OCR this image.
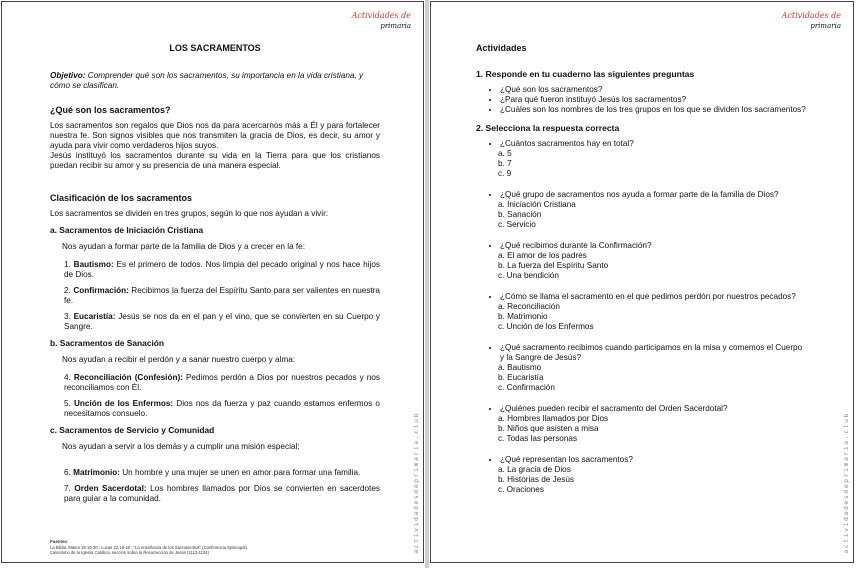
Actividades de
primaria
actividadesdeprimaria.club
LOS SACRAMENTOS

Objetivo: Comprender qué son los sacramentos, su importancia en la vida cristiana, y cómo se clasifican.

¿Qué son los sacramentos?

Los sacramentos son regalos que Dios nos da para acercarnos más a Él y para fortalecer nuestra fe. Son signos visibles que nos transmiten la gracia de Dios, es decir, su amor y ayuda para vivir como verdaderos hijos suyos.

Jesús instituyó los sacramentos durante su vida en la Tierra para que los cristianos puedan recibir su amor y su presencia de una manera especial.

Clasificación de los sacramentos

Los sacramentos se dividen en tres grupos, según lo que nos ayudan a vivir:

a. Sacramentos de Iniciación Cristiana

Nos ayudan a formar parte de la familia de Dios y a crecer en la fe:

1. Bautismo: Es el primero de todos. Nos limpia del pecado original y nos hace hijos de Dios.
2. Confirmación: Recibimos la fuerza del Espíritu Santo para ser valientes en nuestra fe.
3. Eucaristía: Jesús se nos da en el pan y el vino, que se convierten en su Cuerpo y Sangre.
b. Sacramentos de Sanación

Nos ayudan a recibir el perdón y a sanar nuestro cuerpo y alma:

4. Reconciliación (Confesión): Pedimos perdón a Dios por nuestros pecados y nos reconciliamos con Él.
5. Unción de los Enfermos: Dios nos da fuerza y paz cuando estamos enfermos o necesitamos consuelo.
c. Sacramentos de Servicio y Comunidad

Nos ayudan a servir a los demás y a cumplir una misión especial:

6. Matrimonio: Un hombre y una mujer se unen en amor para formar una familia.
7. Orden Sacerdotal: Los hombres llamados por Dios se convierten en sacerdotes para guiar a la comunidad.
Fuentes:
La Biblia: Mateo 28:19-20 ; Lucas 22:19-20 ; "La enseñanza de los Sacramentos" (Conferencia Episcopal).
Catecismo de la Iglesia Católica, sección sobre la Resurrección de Jesús (1113-1134)
Actividades de
primaria
actividadesdeprimaria.club
Actividades
1. Responde en tu cuaderno las siguientes preguntas
• ¿Qué son los sacramentos?
• ¿Para qué fueron instituyó Jesús los sacramentos?
• ¿Cuáles son los nombres de los tres grupos en los que se dividen los sacramentos?
2. Selecciona la respuesta correcta
• ¿Cuántos sacramentos hay en total?
a. 5
b. 7
c. 9
• ¿Qué grupo de sacramentos nos ayuda a formar parte de la familia de Dios?
a. Iniciación Cristiana
b. Sanación
c. Servicio
• ¿Qué recibimos durante la Confirmación?
a. El amor de los padres
b. La fuerza del Espíritu Santo
c. Una bendición
• ¿Cómo se llama el sacramento en el que pedimos perdón por nuestros pecados?
a. Reconciliación
b. Matrimonio
c. Unción de los Enfermos
• ¿Qué sacramento recibimos cuando participamos en la misa y comemos el Cuerpo y la Sangre de Jesús?
a. Bautismo
b. Eucaristía
c. Confirmación
• ¿Quiénes pueden recibir el sacramento del Orden Sacerdotal?
a. Hombres llamados por Dios
b. Niños que asisten a misa
c. Todas las personas
• ¿Qué representan los sacramentos?
a. La gracia de Dios
b. Historias de Jesús
c. Oraciones
